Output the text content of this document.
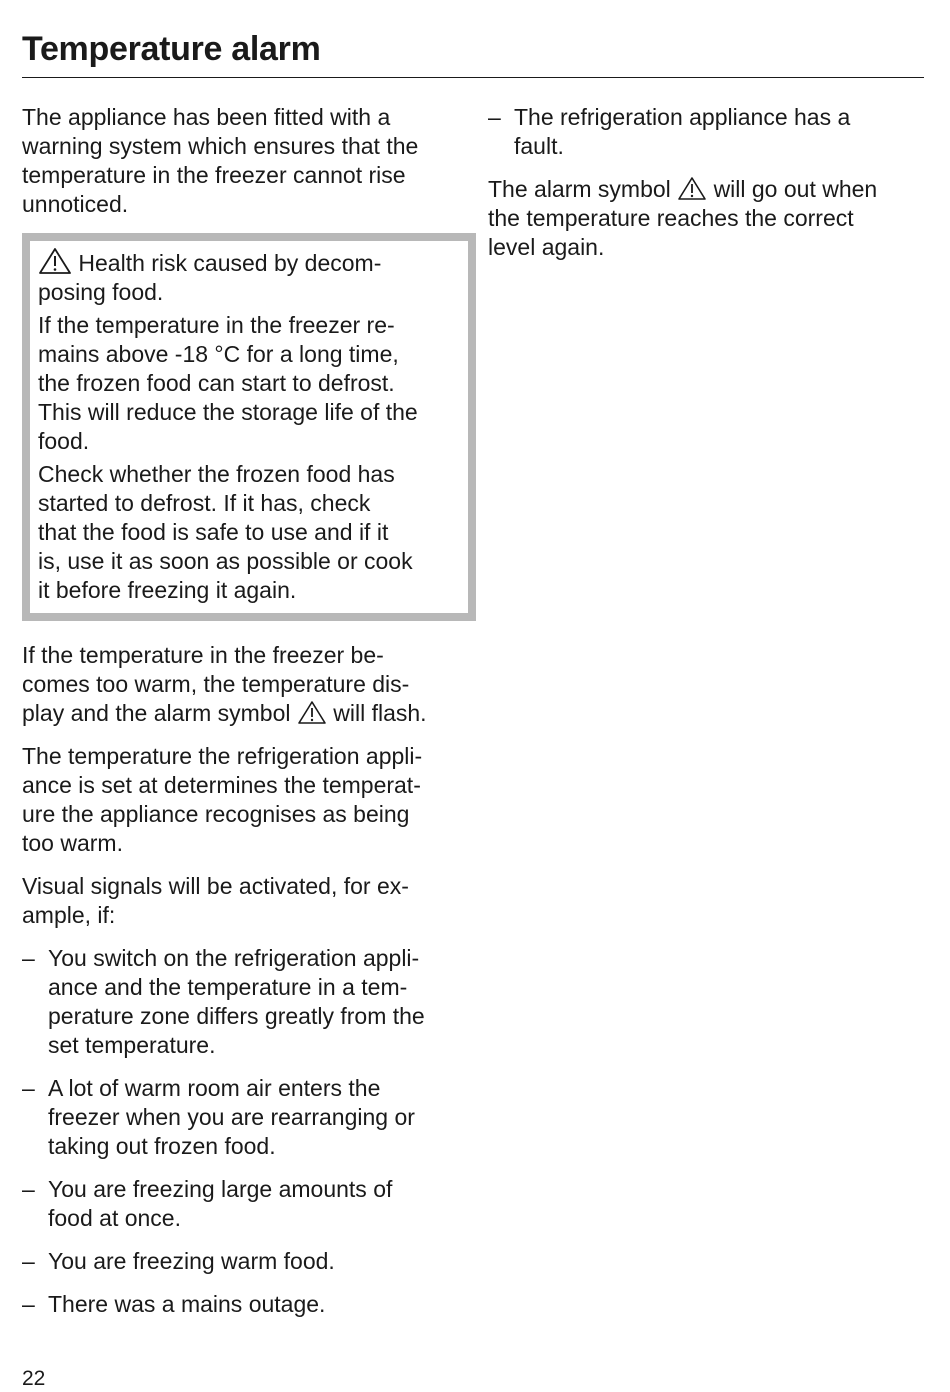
Temperature alarm

The appliance has been fitted with a
warning system which ensures that the
temperature in the freezer cannot rise
unnoticed.

Health risk caused by decom-
posing food.

If the temperature in the freezer re-
mains above -18 °C for a long time,
the frozen food can start to defrost.
This will reduce the storage life of the
food.

Check whether the frozen food has
started to defrost. If it has, check
that the food is safe to use and if it
is, use it as soon as possible or cook
it before freezing it again.

If the temperature in the freezer be-
comes too warm, the temperature dis-
play and the alarm symbol will flash.

The temperature the refrigeration appli-
ance is set at determines the temperat-
ure the appliance recognises as being
too warm.

Visual signals will be activated, for ex-
ample, if:

– You switch on the refrigeration appli-
ance and the temperature in a tem-
perature zone differs greatly from the
set temperature.
– A lot of warm room air enters the
freezer when you are rearranging or
taking out frozen food.
– You are freezing large amounts of
food at once.
– You are freezing warm food.
– There was a mains outage.
– The refrigeration appliance has a
fault.

The alarm symbol will go out when
the temperature reaches the correct
level again.

22
